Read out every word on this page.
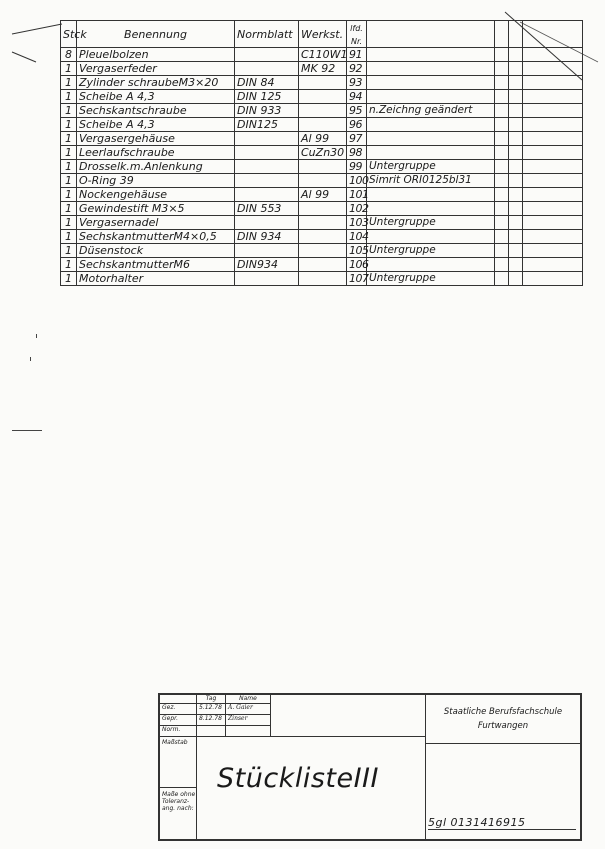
Stck	Benennung	Normblatt	Werkst.	lfd.
Nr.				
8	Pleuelbolzen		C110W1	91				
1	Vergaserfeder		MK 92	92				
1	Zylinder schraubeM3×20	DIN 84		93				
1	Scheibe A 4,3	DIN 125		94				
1	Sechskantschraube	DIN 933		95	n.Zeichng geändert			
1	Scheibe A 4,3	DIN125		96				
1	Vergasergehäuse		Al 99	97				
1	Leerlaufschraube		CuZn30	98				
1	Drosselk.m.Anlenkung			99	Untergruppe			
1	O-Ring 39			100	Simrit ORI0125bl31			
1	Nockengehäuse		Al 99	101				
1	Gewindestift M3×5	DIN 553		102				
1	Vergasernadel			103	Untergruppe			
1	SechskantmutterM4×0,5	DIN 934		104				
1	Düsenstock			105	Untergruppe			
1	SechskantmutterM6	DIN934		106				
1	Motorhalter			107	Untergruppe			
Tag	Name
Gez.	5.12.78	A. Gaier
Gepr.	8.12.78	Zinser
Norm.
Staatliche Berufsfachschule
Furtwangen
Maßstab
Maße ohne Toleranz-ang. nach:
StücklisteIII
5gl 0131416915
